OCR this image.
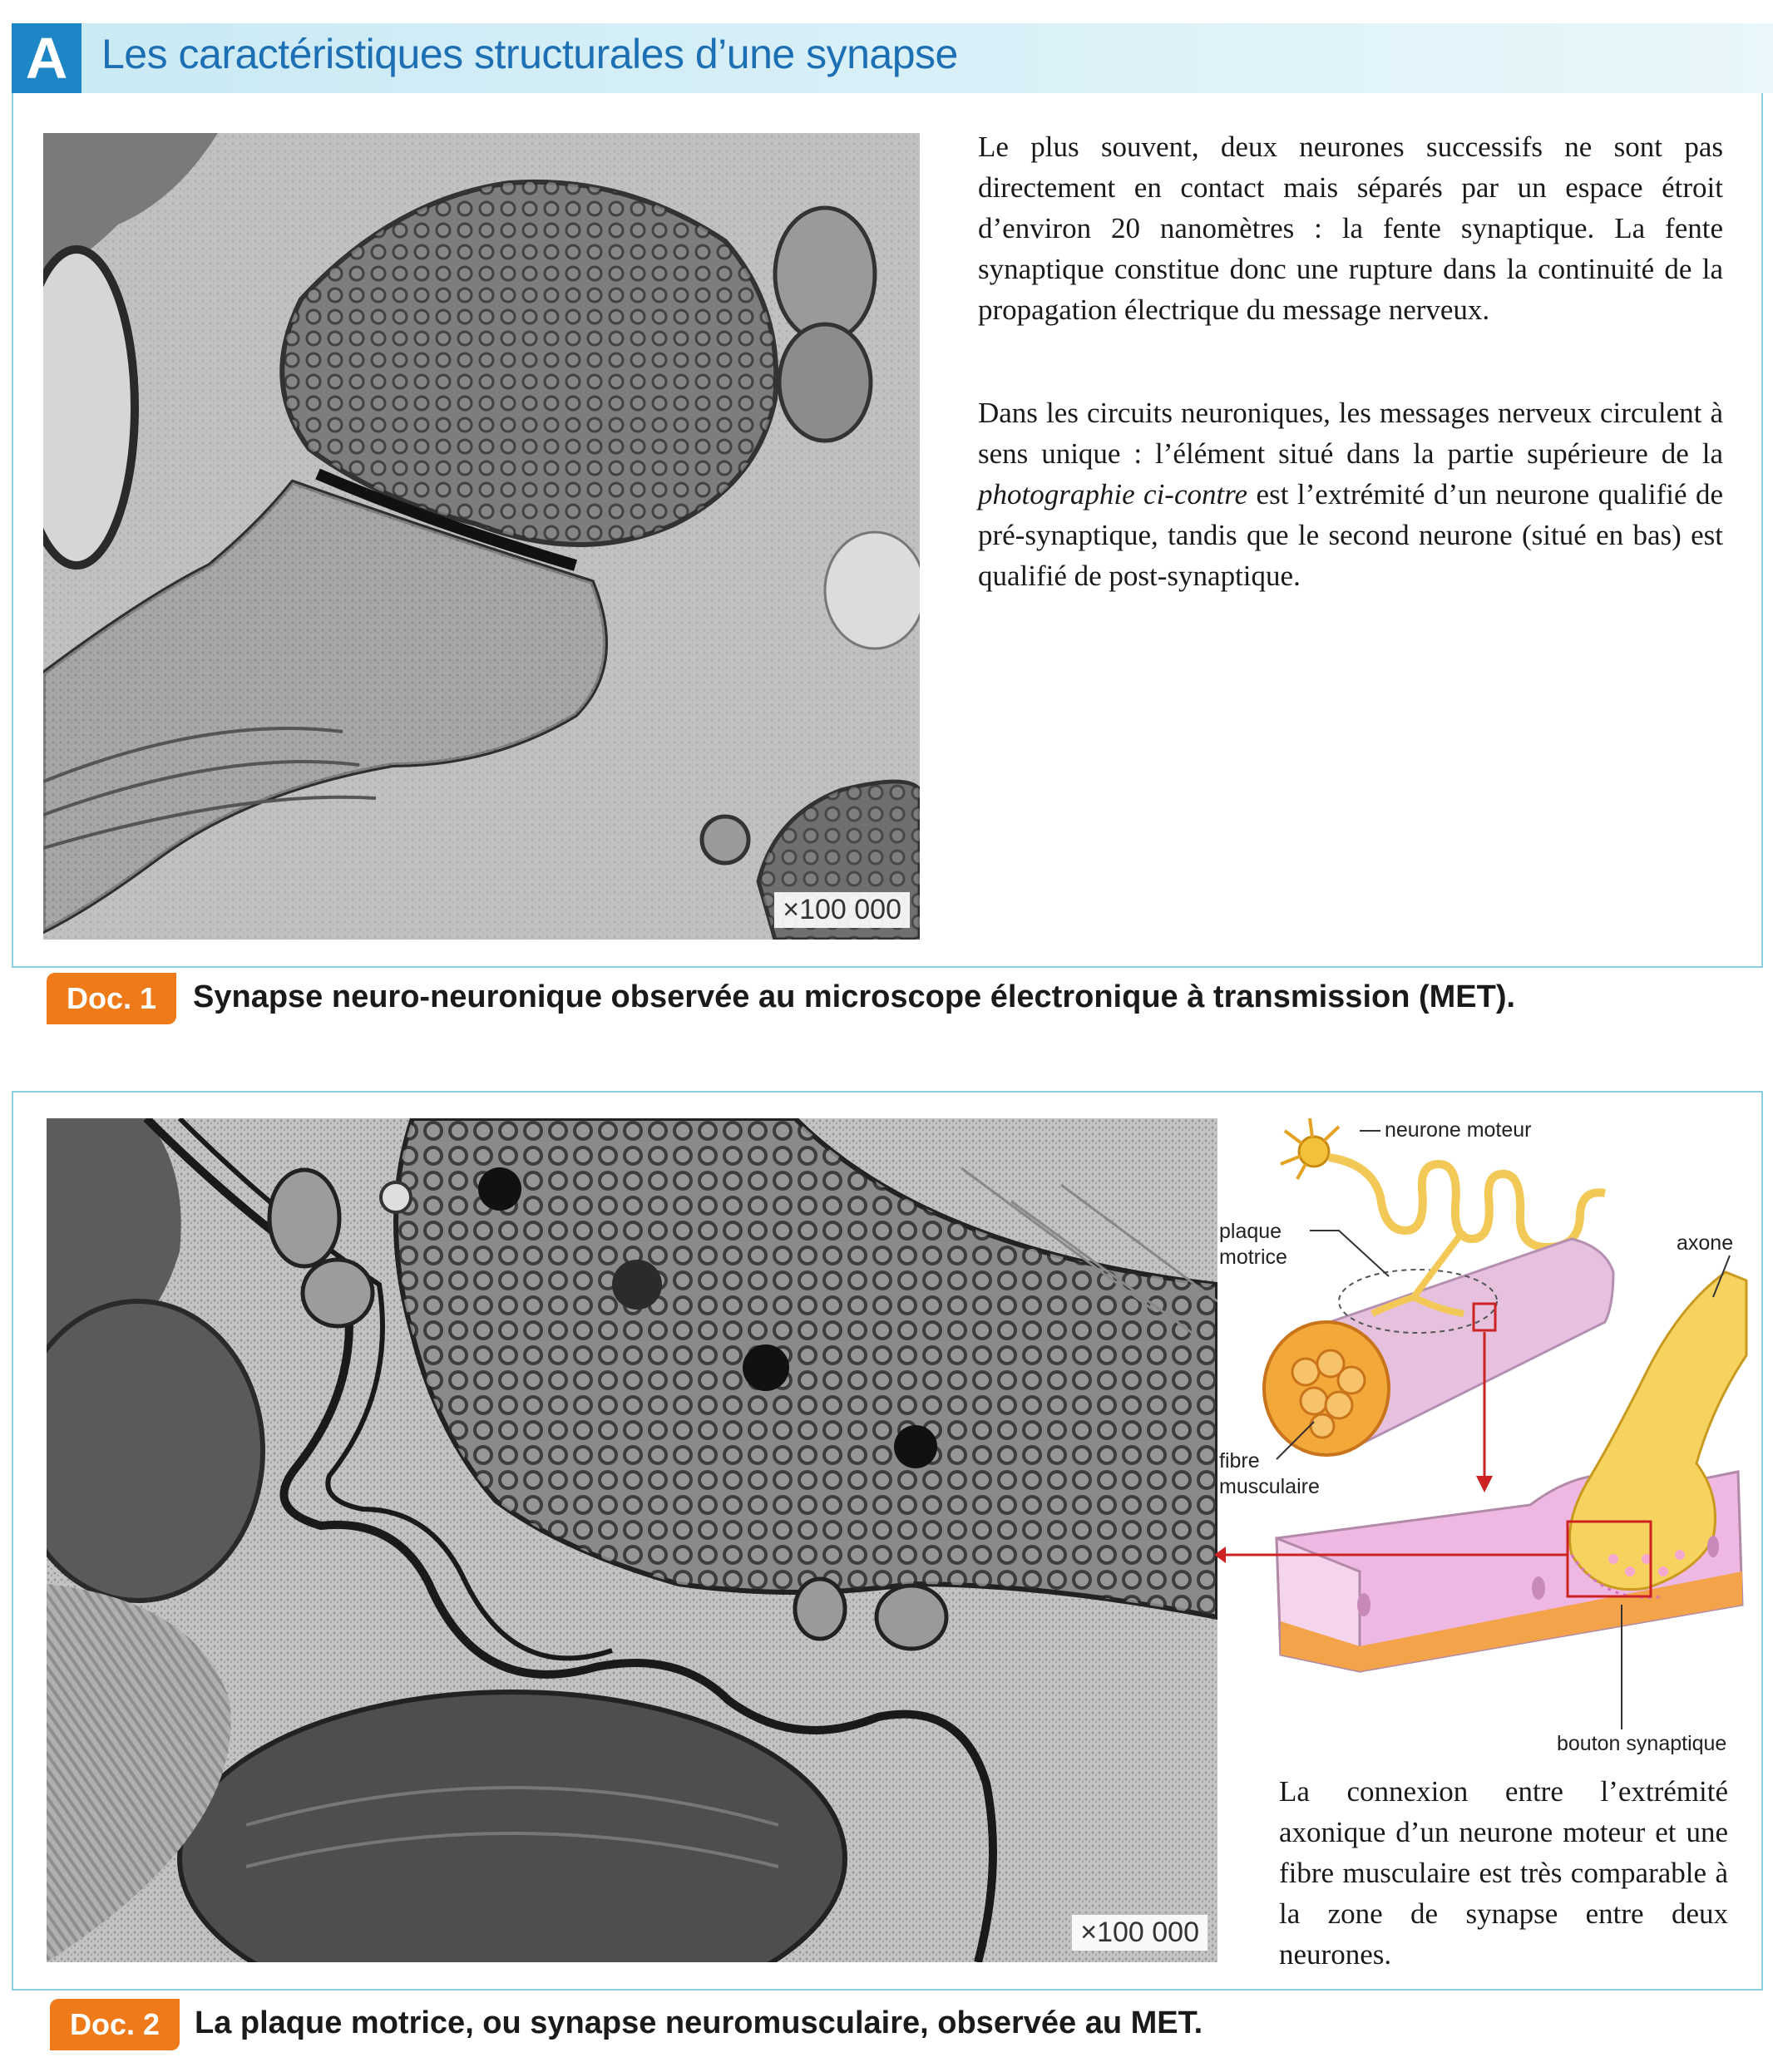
A Les caractéristiques structurales d’une synapse
×100 000
Le plus souvent, deux neurones successifs ne sont pas directement en contact mais séparés par un espace étroit d’environ 20 nanomètres : la fente synaptique. La fente synaptique constitue donc une rupture dans la continuité de la propagation électrique du message nerveux.
Dans les circuits neuroniques, les messages nerveux circulent à sens unique : l’élément situé dans la partie supérieure de la photographie ci-contre est l’extrémité d’un neurone qualifié de pré-synaptique, tandis que le second neurone (situé en bas) est qualifié de post-synaptique.
Doc. 1	Synapse neuro-neuronique observée au microscope électronique à transmission (MET).
×100 000
neurone moteur
plaque
motrice
axone
fibre
musculaire
bouton synaptique
La connexion entre l’extrémité axonique d’un neurone moteur et une fibre musculaire est très comparable à la zone de synapse entre deux neurones.
Doc. 2	La plaque motrice, ou synapse neuromusculaire, observée au MET.
